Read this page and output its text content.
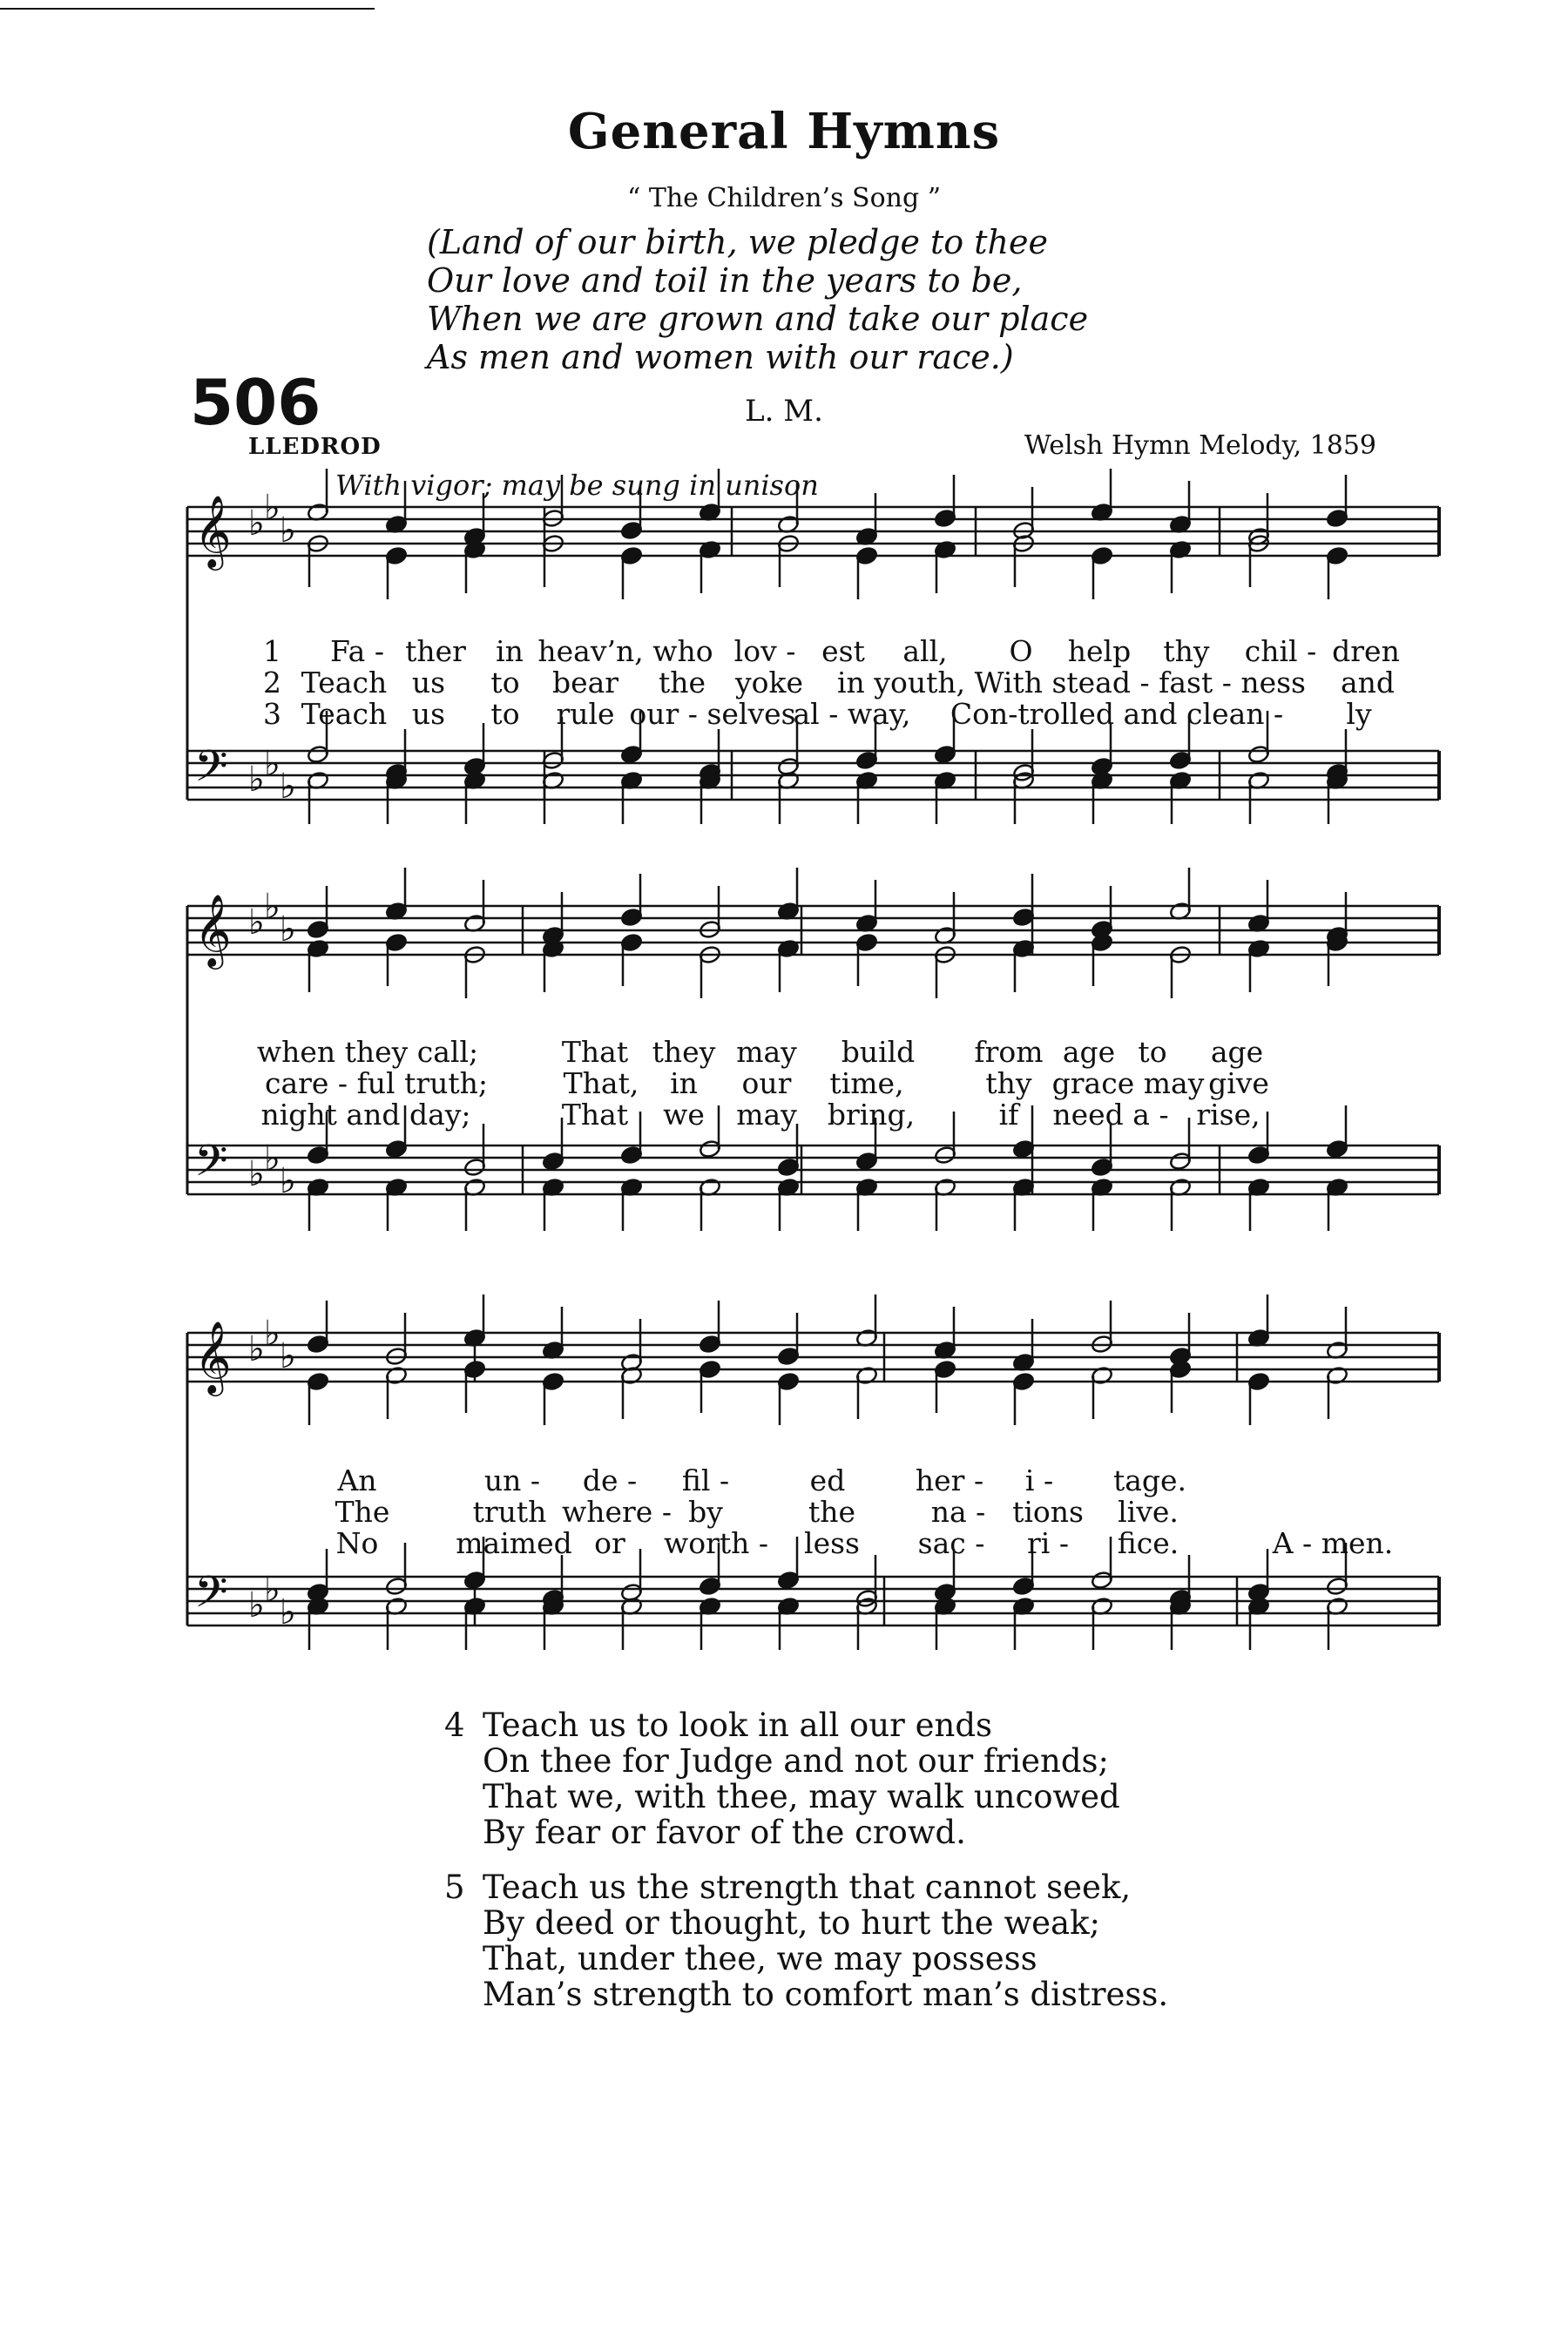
General Hymns
“ The Children’s Song ”
(Land of our birth, we pledge to thee
Our love and toil in the years to be,
When we are grown and take our place
As men and women with our race.)
506	L. M.
LLEDROD	Welsh Hymn Melody, 1859
With vigor; may be sung in unison
𝄞
𝄢
♭ ♭
♭
♭ ♭
♭
𝄞
𝄢
♭ ♭
♭
♭ ♭
♭
𝄞
𝄢
♭ ♭
♭
♭ ♭
♭
1
2
3
Fa - ther in heav’n, who lov - est all, O help thy chil - dren
Teach us to bear the yoke in youth, With stead - fast - ness and
Teach us to rule our - selves
al - way, Con-trolled and clean - ly
when they call;	That they may build from age to age
care - ful truth;	That, in our time,	thy grace may give
night and day;	That we may bring,	if need a - rise,
An	un - de - fil -	ed her - i - tage.
The	truth where - by	the	na - tions live.
No	maimed or worth - less sac - ri - fice.	A - men.
4 Teach us to look in all our ends
On thee for Judge and not our friends;
That we, with thee, may walk uncowed
By fear or favor of the crowd.
5 Teach us the strength that cannot seek,
By deed or thought, to hurt the weak;
That, under thee, we may possess
Man’s strength to comfort man’s distress.
